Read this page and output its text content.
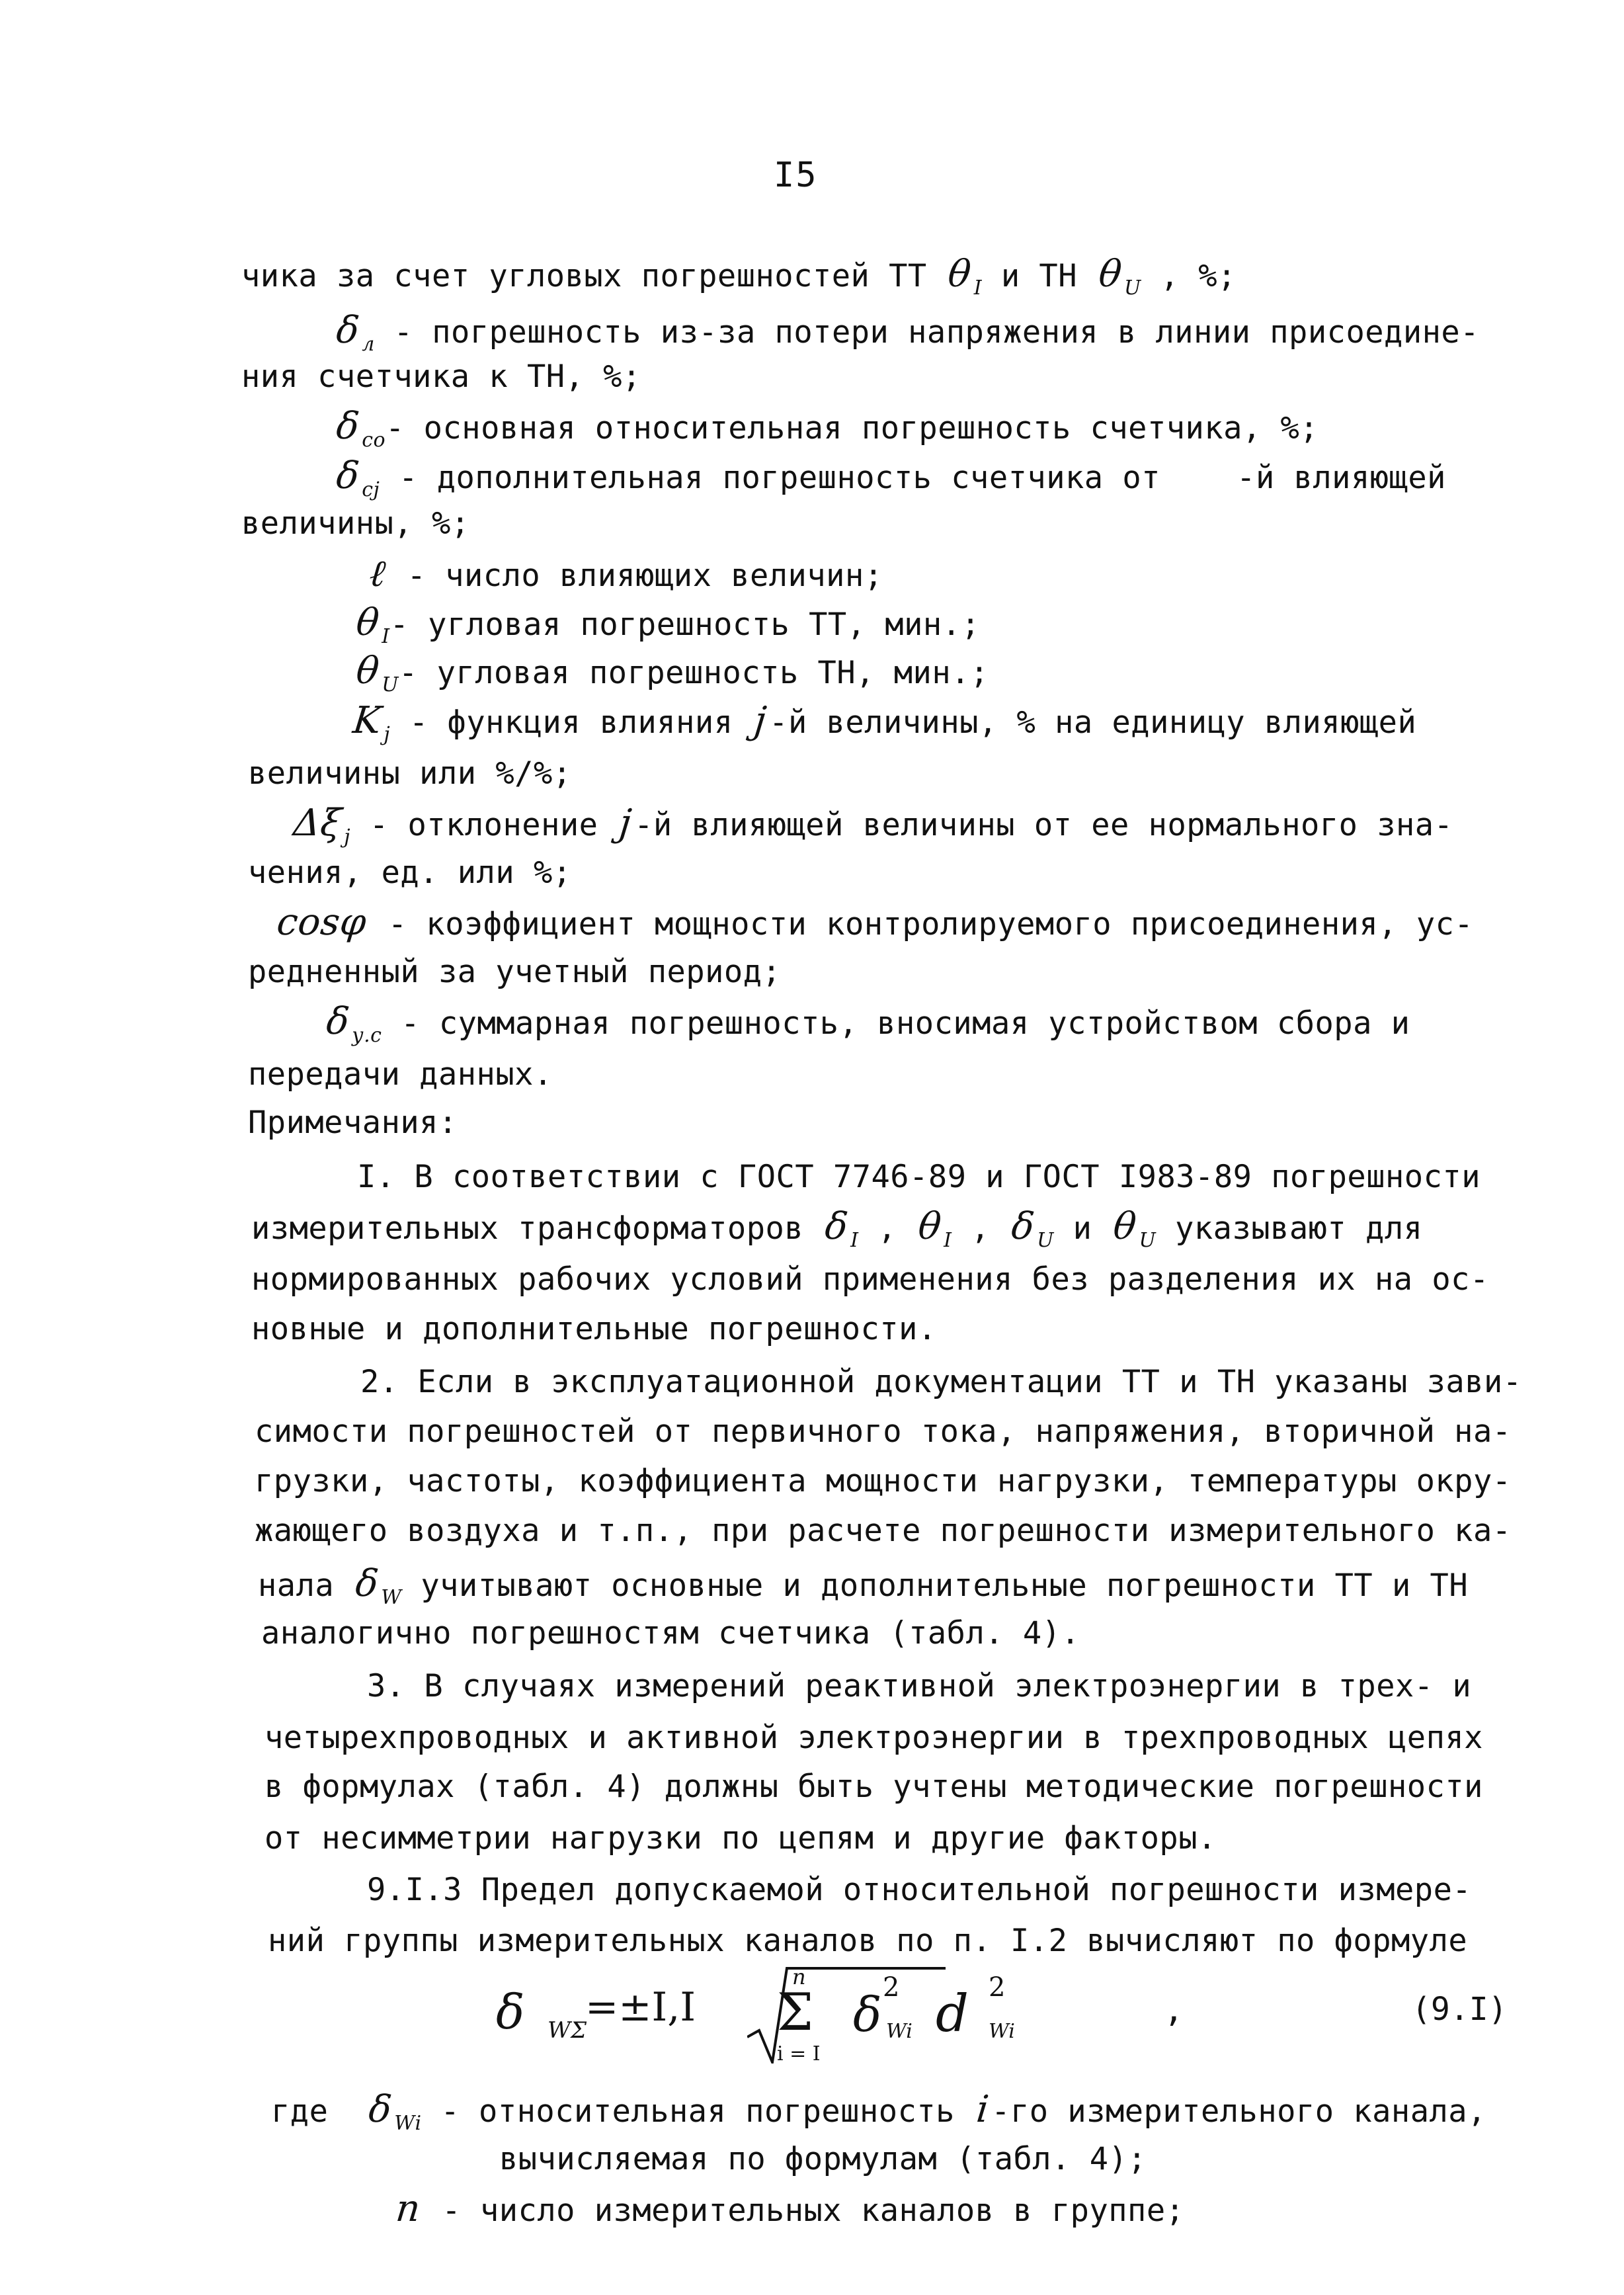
I5
чика за счет угловых погрешностей ТТ $\theta_I$ и ТН $\theta_U$ , %;
$\delta_л$ - погрешность из-за потери напряжения в линии присоедине-
ния счетчика к ТН, %;
$\delta_{co}-$ основная относительная погрешность счетчика, %;
$\delta_{cj}$ - дополнительная погрешность счетчика от    -й влияющей
величины, %;
ℓ - число влияющих величин;
$\theta_I-$ угловая погрешность ТТ, мин.;
$\theta_U-$ угловая погрешность ТН, мин.;
$K_j$ - функция влияния j-й величины, % на единицу влияющей
величины или %/%;
$\Delta\xi_j$ - отклонение j-й влияющей величины от ее нормального зна-
чения, ед. или %;
cosφ - коэффициент мощности контролируемого присоединения, ус-
редненный за учетный период;
$\delta_{у.с}$ - суммарная погрешность, вносимая устройством сбора и
передачи данных.
Примечания:
I. В соответствии с ГОСТ 7746-89 и ГОСТ I983-89 погрешности
измерительных трансформаторов $\delta_I$ , $\theta_I$ , $\delta_U$ и $\theta_U$ указывают для
нормированных рабочих условий применения без разделения их на ос-
новные и дополнительные погрешности.
2. Если в эксплуатационной документации ТТ и ТН указаны зави-
симости погрешностей от первичного тока, напряжения, вторичной на-
грузки, частоты, коэффициента мощности нагрузки, температуры окру-
жающего воздуха и т.п., при расчете погрешности измерительного ка-
нала $\delta_W$ учитывают основные и дополнительные погрешности ТТ и ТН
аналогично погрешностям счетчика (табл. 4).
3. В случаях измерений реактивной электроэнергии в трех- и
четырехпроводных и активной электроэнергии в трехпроводных цепях
в формулах (табл. 4) должны быть учтены методические погрешности
от несимметрии нагрузки по цепям и другие факторы.
9.I.3 Предел допускаемой относительной погрешности измере-
ний группы измерительных каналов по п. I.2 вычисляют по формуле
δ WΣ
=±I,I
n
Σ
i = I
δ 2
Wi d 2
Wi
,	(9.I)
где $\delta_{Wi}$ - относительная погрешность i-го измерительного канала,
вычисляемая по формулам (табл. 4);
n - число измерительных каналов в группе;
